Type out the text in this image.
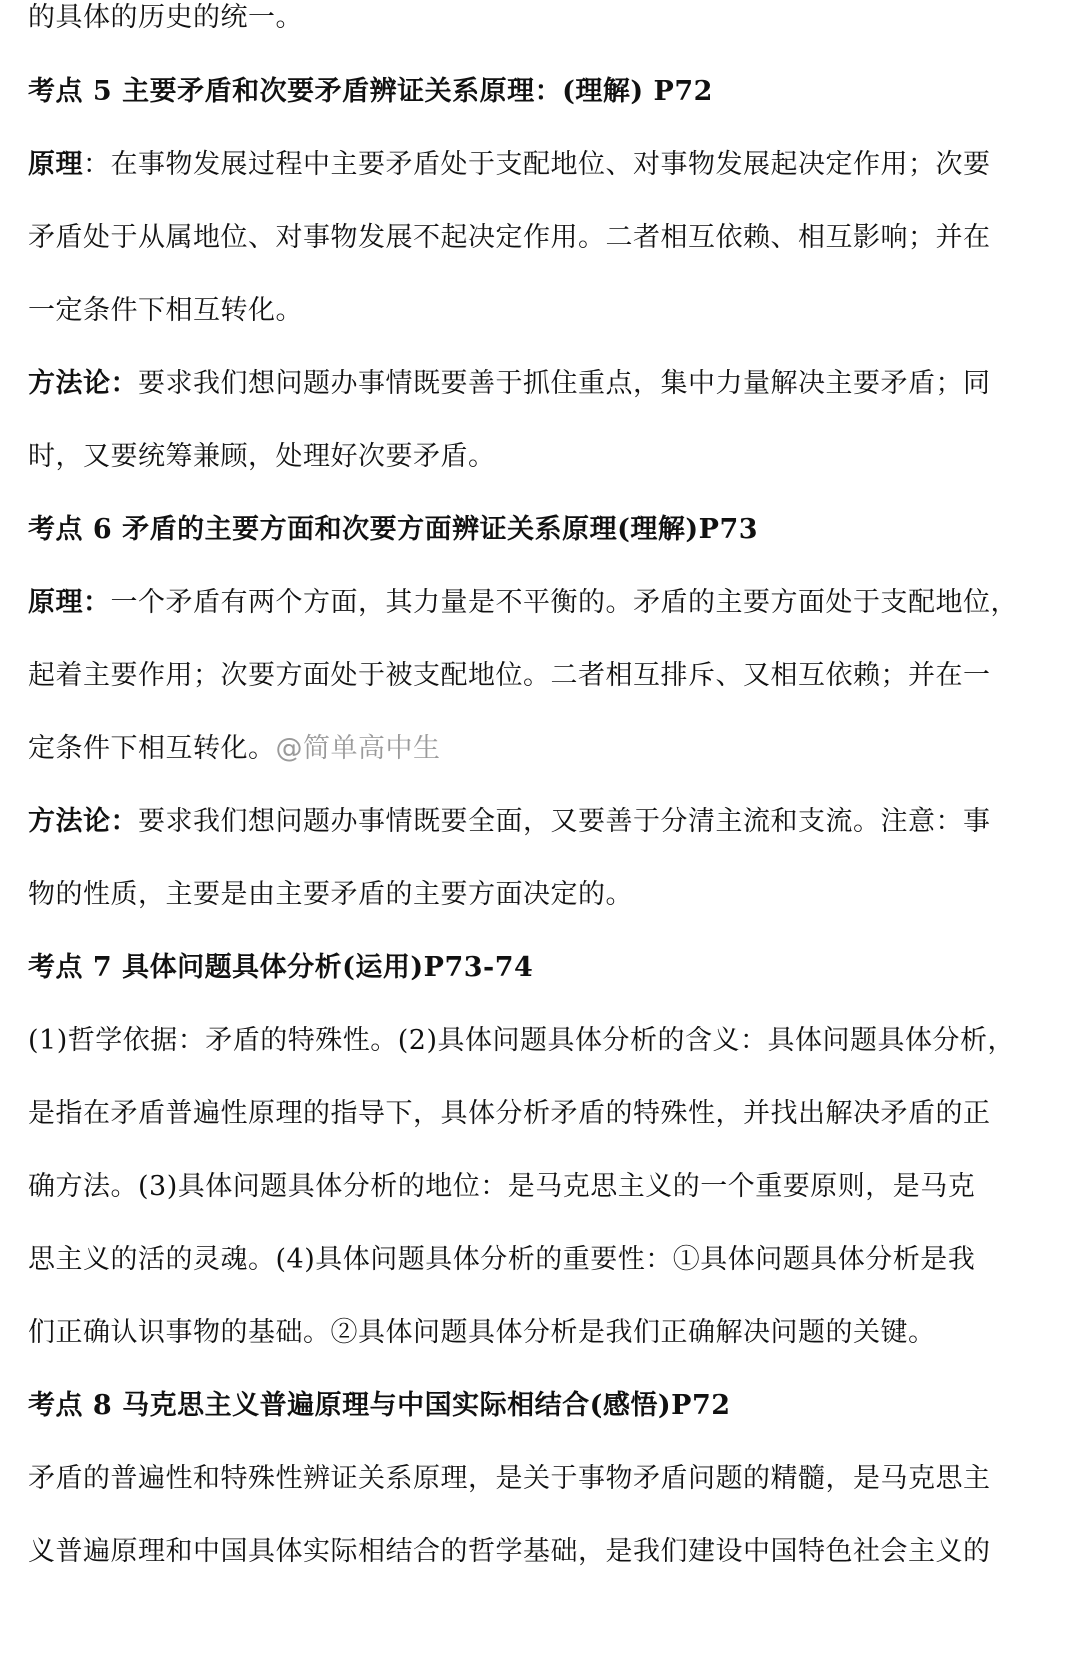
的具体的历史的统一。
考点 5 主要矛盾和次要矛盾辨证关系原理：(理解) P72
原理：在事物发展过程中主要矛盾处于支配地位、对事物发展起决定作用；次要
矛盾处于从属地位、对事物发展不起决定作用。二者相互依赖、相互影响；并在
一定条件下相互转化。
方法论：要求我们想问题办事情既要善于抓住重点，集中力量解决主要矛盾；同
时，又要统筹兼顾，处理好次要矛盾。
考点 6 矛盾的主要方面和次要方面辨证关系原理(理解)P73
原理：一个矛盾有两个方面，其力量是不平衡的。矛盾的主要方面处于支配地位，
起着主要作用；次要方面处于被支配地位。二者相互排斥、又相互依赖；并在一
定条件下相互转化。@简单高中生
方法论：要求我们想问题办事情既要全面，又要善于分清主流和支流。注意：事
物的性质，主要是由主要矛盾的主要方面决定的。
考点 7 具体问题具体分析(运用)P73-74
(1)哲学依据：矛盾的特殊性。(2)具体问题具体分析的含义：具体问题具体分析，
是指在矛盾普遍性原理的指导下，具体分析矛盾的特殊性，并找出解决矛盾的正
确方法。(3)具体问题具体分析的地位：是马克思主义的一个重要原则，是马克
思主义的活的灵魂。(4)具体问题具体分析的重要性：①具体问题具体分析是我
们正确认识事物的基础。②具体问题具体分析是我们正确解决问题的关键。
考点 8 马克思主义普遍原理与中国实际相结合(感悟)P72
矛盾的普遍性和特殊性辨证关系原理，是关于事物矛盾问题的精髓，是马克思主
义普遍原理和中国具体实际相结合的哲学基础，是我们建设中国特色社会主义的
